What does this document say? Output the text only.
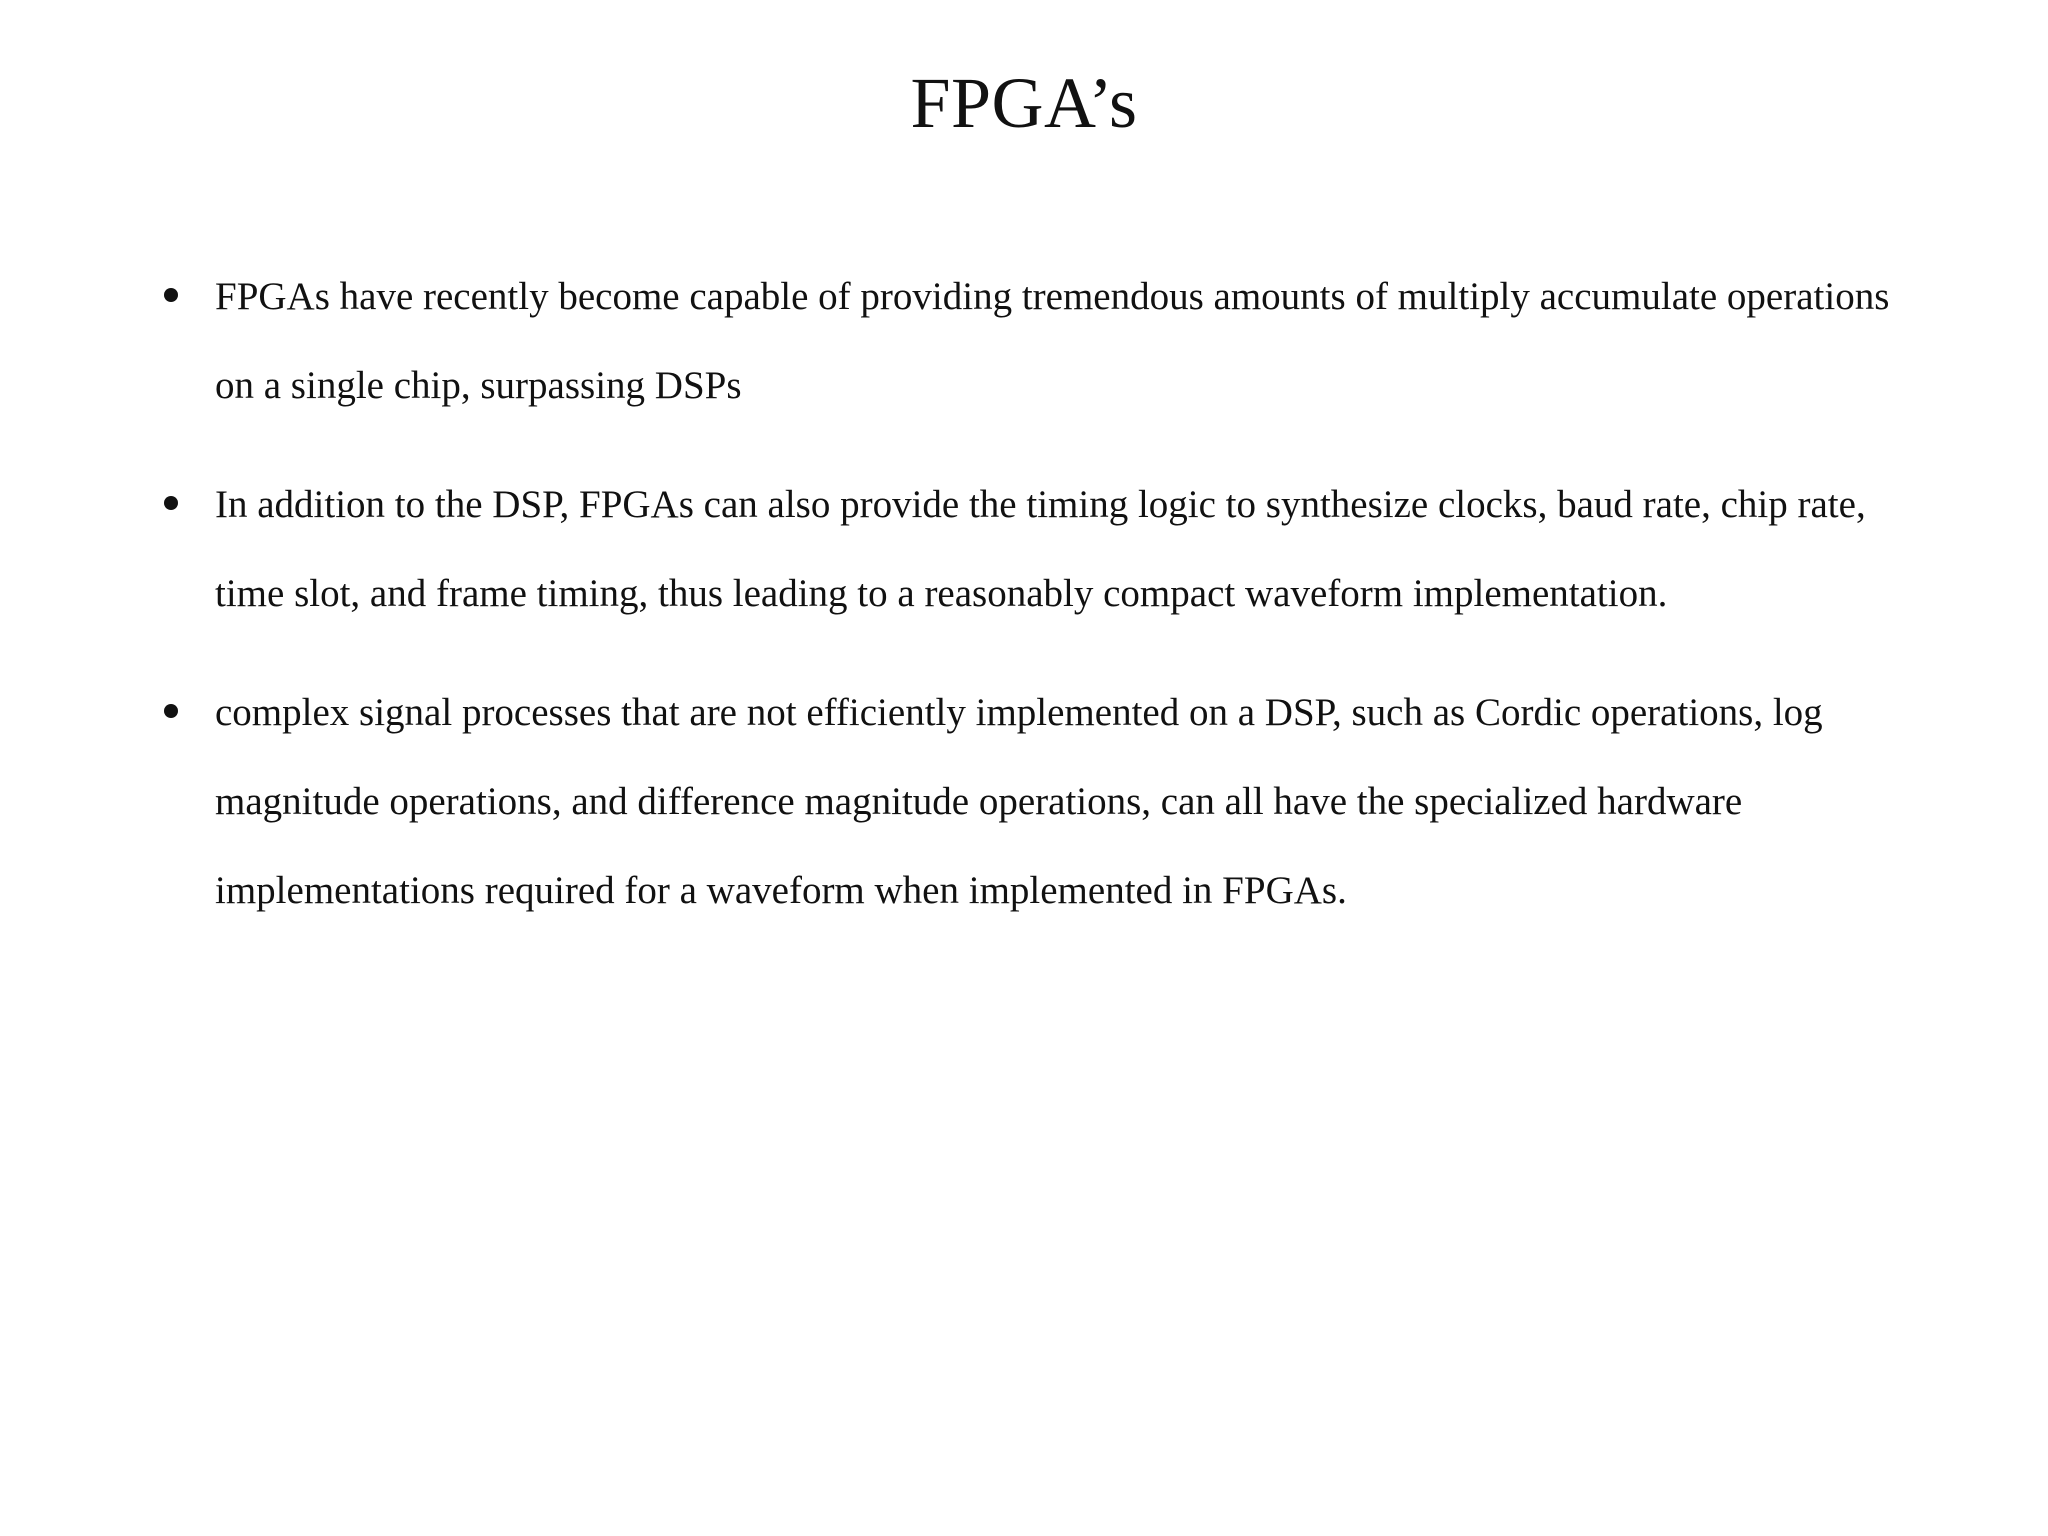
FPGA’s
FPGAs have recently become capable of providing tremendous amounts of multiply accumulate operations on a single chip, surpassing DSPs
In addition to the DSP, FPGAs can also provide the timing logic to synthesize clocks, baud rate, chip rate, time slot, and frame timing, thus leading to a reasonably compact waveform implementation.
complex signal processes that are not efficiently implemented on a DSP, such as Cordic operations, log magnitude operations, and difference magnitude operations, can all have the specialized hardware implementations required for a waveform when implemented in FPGAs.
